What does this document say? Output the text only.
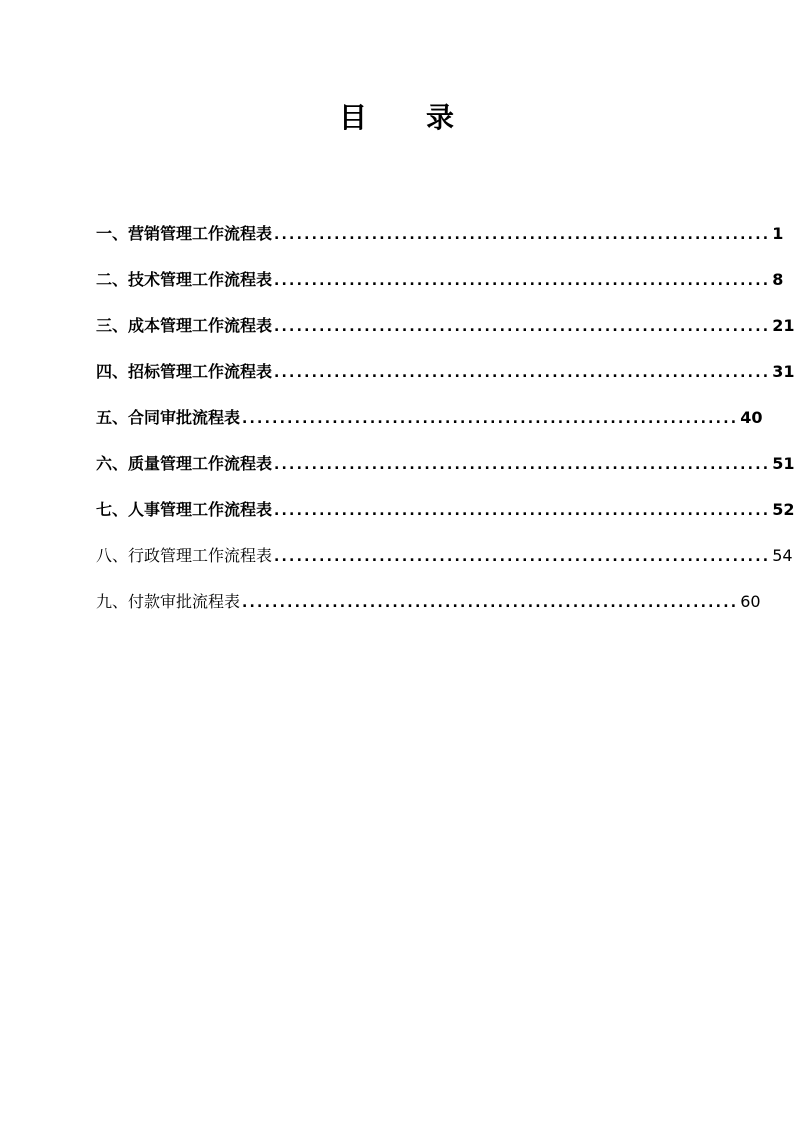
目 录
一、营销管理工作流程表 .................................................................. 1
二、技术管理工作流程表 .................................................................. 8
三、成本管理工作流程表 .................................................................. 21
四、招标管理工作流程表 .................................................................. 31
五、合同审批流程表 .................................................................. 40
六、质量管理工作流程表 .................................................................. 51
七、人事管理工作流程表 .................................................................. 52
八、行政管理工作流程表 .................................................................. 54
九、付款审批流程表 .................................................................. 60
